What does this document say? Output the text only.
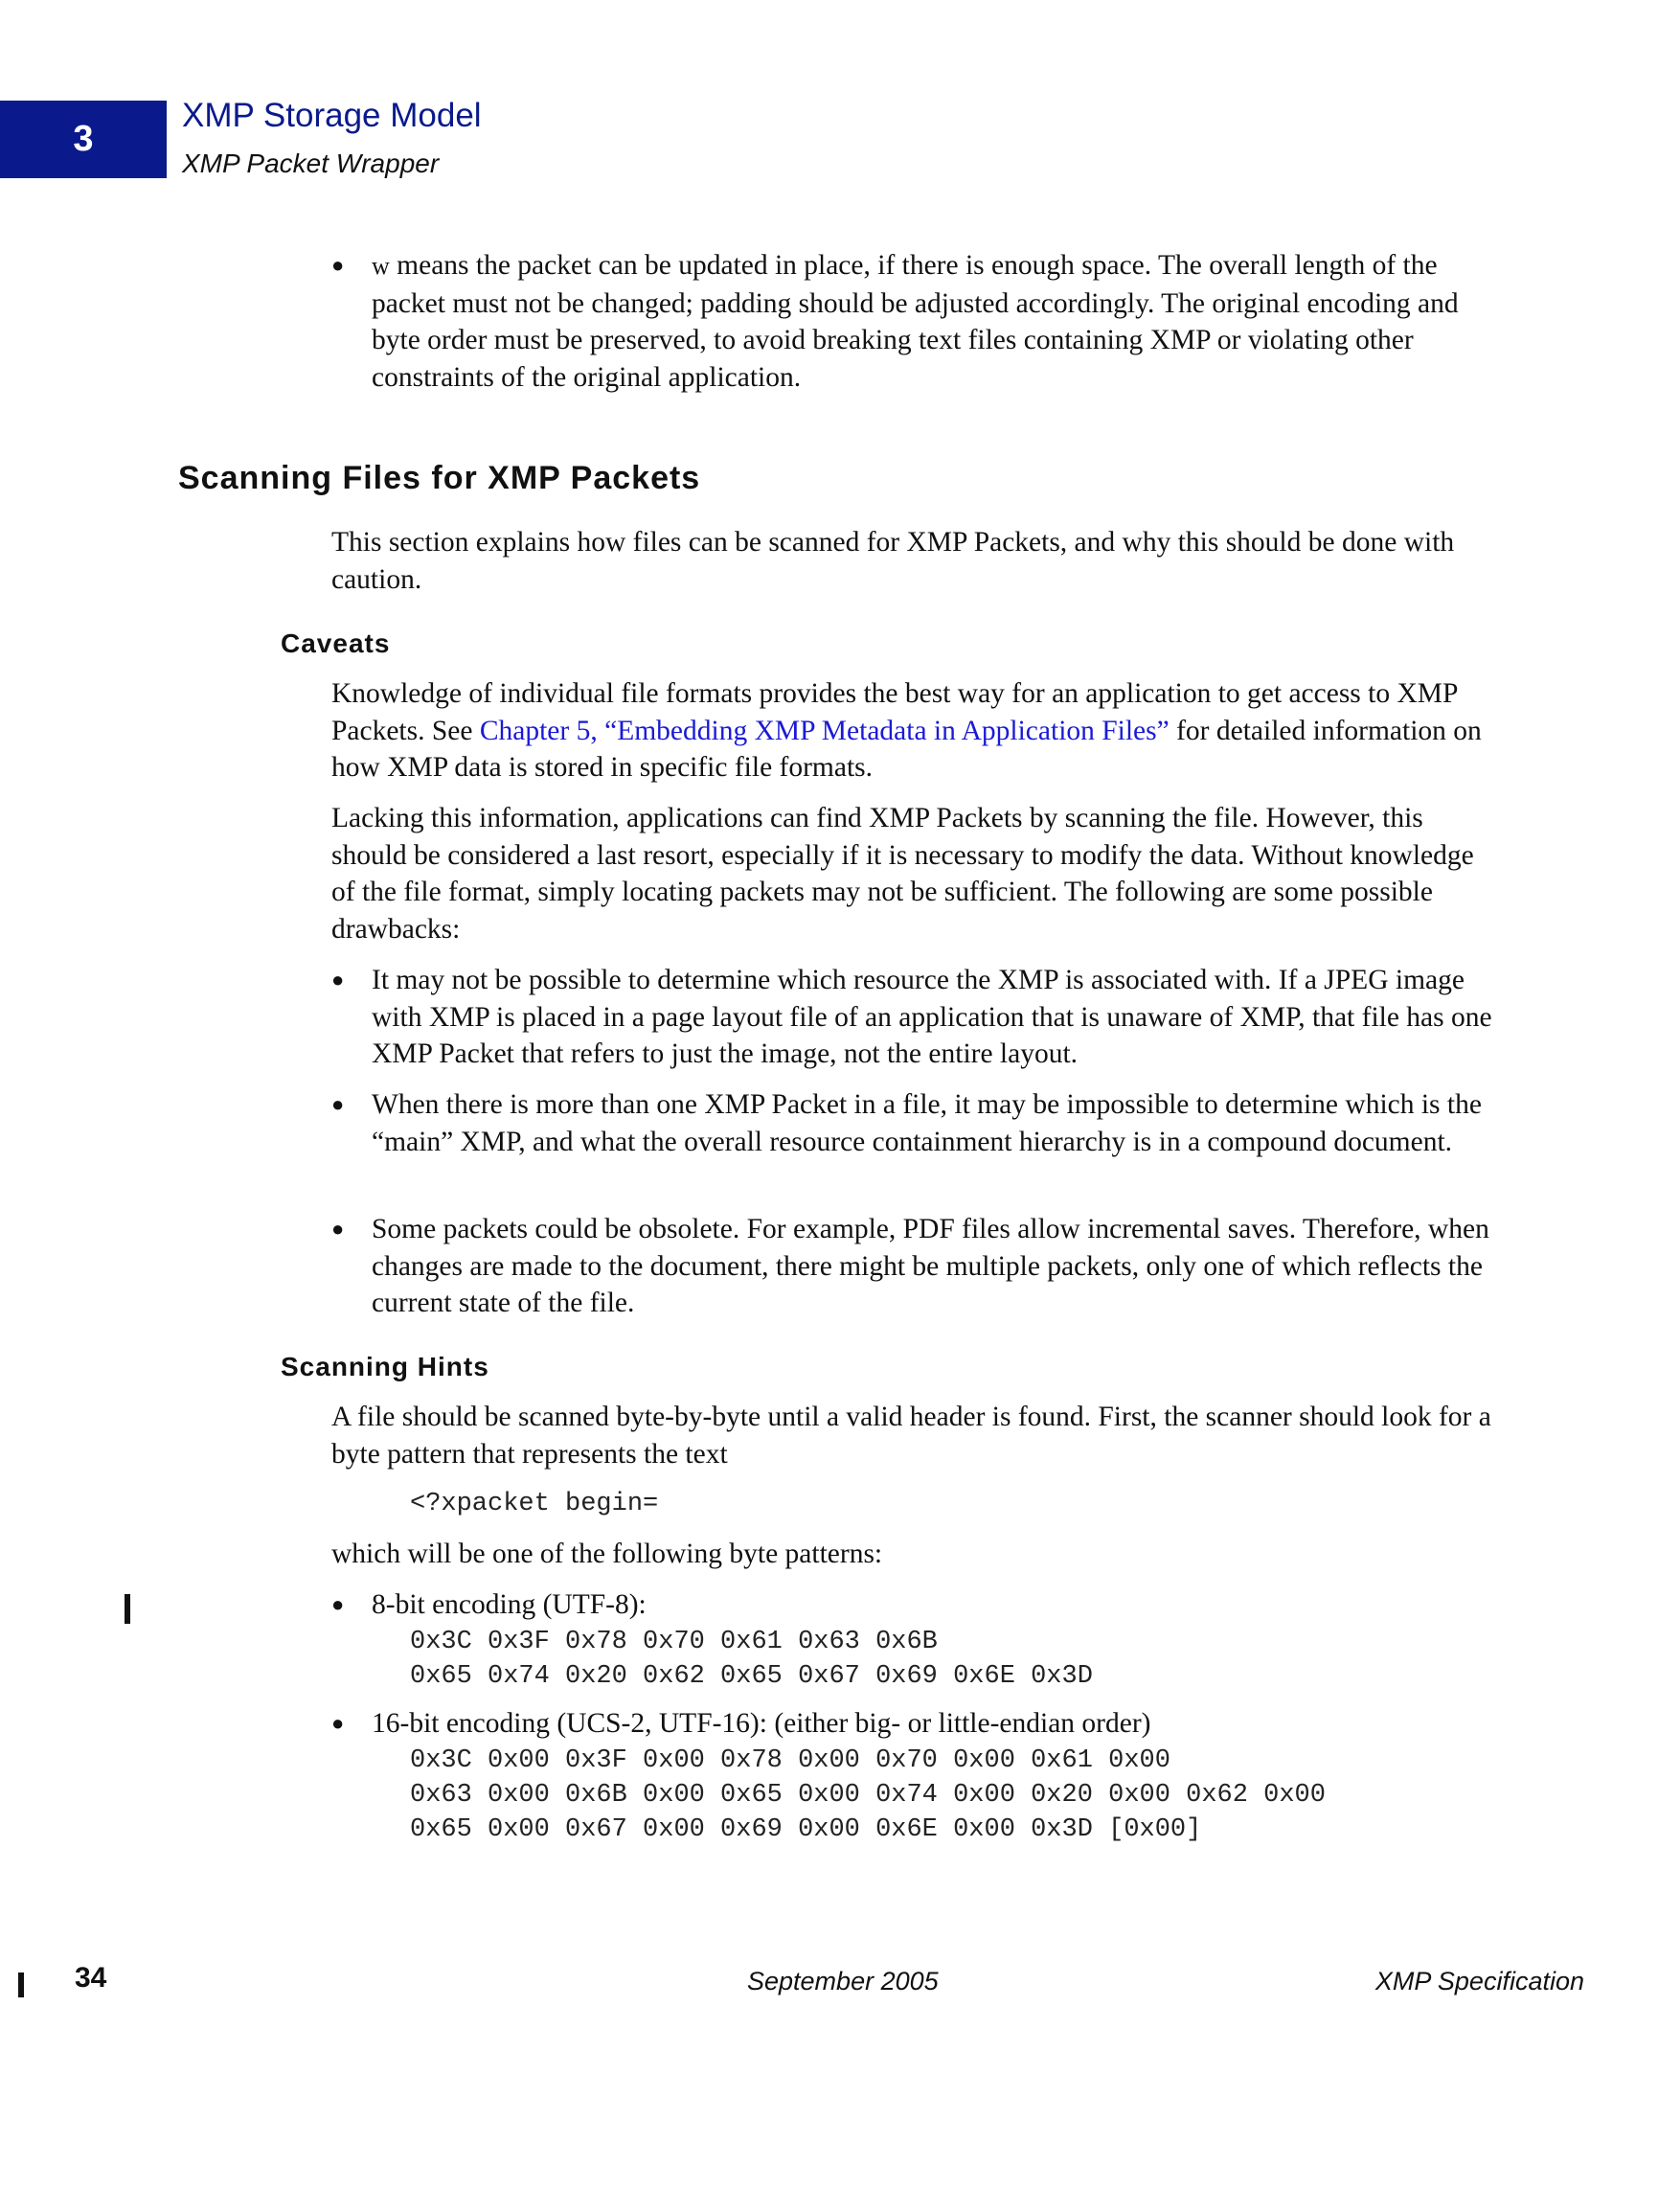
3
XMP Storage Model
XMP Packet Wrapper
●	w means the packet can be updated in place, if there is enough space. The overall length of the packet must not be changed; padding should be adjusted accordingly. The original encoding and byte order must be preserved, to avoid breaking text files containing XMP or violating other constraints of the original application.
Scanning Files for XMP Packets
This section explains how files can be scanned for XMP Packets, and why this should be done with caution.
Caveats
Knowledge of individual file formats provides the best way for an application to get access to XMP Packets. See Chapter 5, “Embedding XMP Metadata in Application Files” for detailed information on how XMP data is stored in specific file formats.
Lacking this information, applications can find XMP Packets by scanning the file. However, this should be considered a last resort, especially if it is necessary to modify the data. Without knowledge of the file format, simply locating packets may not be sufficient. The following are some possible drawbacks:
● It may not be possible to determine which resource the XMP is associated with. If a JPEG image with XMP is placed in a page layout file of an application that is unaware of XMP, that file has one XMP Packet that refers to just the image, not the entire layout.
● When there is more than one XMP Packet in a file, it may be impossible to determine which is the “main” XMP, and what the overall resource containment hierarchy is in a compound document.
● Some packets could be obsolete. For example, PDF files allow incremental saves. Therefore, when changes are made to the document, there might be multiple packets, only one of which reflects the current state of the file.
Scanning Hints
A file should be scanned byte-by-byte until a valid header is found. First, the scanner should look for a byte pattern that represents the text
<?xpacket begin=
which will be one of the following byte patterns:
● 8-bit encoding (UTF-8):
0x3C 0x3F 0x78 0x70 0x61 0x63 0x6B
0x65 0x74 0x20 0x62 0x65 0x67 0x69 0x6E 0x3D
● 16-bit encoding (UCS-2, UTF-16): (either big- or little-endian order)
0x3C 0x00 0x3F 0x00 0x78 0x00 0x70 0x00 0x61 0x00
0x63 0x00 0x6B 0x00 0x65 0x00 0x74 0x00 0x20 0x00 0x62 0x00
0x65 0x00 0x67 0x00 0x69 0x00 0x6E 0x00 0x3D [0x00]
34	September 2005	XMP Specification
